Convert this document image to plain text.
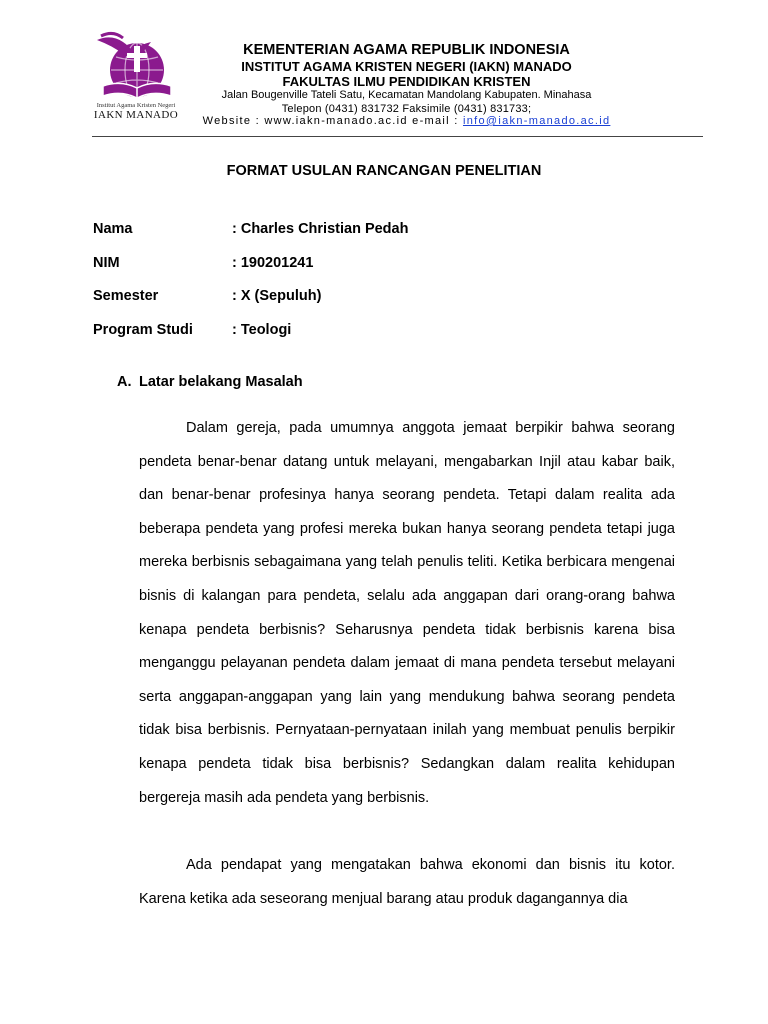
Institut Agama Kristen Negeri
IAKN MANADO
KEMENTERIAN AGAMA REPUBLIK INDONESIA
INSTITUT AGAMA KRISTEN NEGERI (IAKN) MANADO
FAKULTAS ILMU PENDIDIKAN KRISTEN
Jalan Bougenville Tateli Satu, Kecamatan Mandolang Kabupaten. Minahasa
Telepon (0431) 831732 Faksimile (0431) 831733;
Website : www.iakn-manado.ac.id e-mail : info@iakn-manado.ac.id
FORMAT USULAN RANCANGAN PENELITIAN
Nama	: Charles Christian Pedah
NIM	: 190201241
Semester	: X (Sepuluh)
Program Studi	: Teologi
A. Latar belakang Masalah

Dalam gereja, pada umumnya anggota jemaat berpikir bahwa seorang pendeta benar-benar datang untuk melayani, mengabarkan Injil atau kabar baik, dan benar-benar profesinya hanya seorang pendeta. Tetapi dalam realita ada beberapa pendeta yang profesi mereka bukan hanya seorang pendeta tetapi juga mereka berbisnis sebagaimana yang telah penulis teliti. Ketika berbicara mengenai bisnis di kalangan para pendeta, selalu ada anggapan dari orang-orang bahwa kenapa pendeta berbisnis? Seharusnya pendeta tidak berbisnis karena bisa menganggu pelayanan pendeta dalam jemaat di mana pendeta tersebut melayani serta anggapan-anggapan yang lain yang mendukung bahwa seorang pendeta tidak bisa berbisnis. Pernyataan-pernyataan inilah yang membuat penulis berpikir kenapa pendeta tidak bisa berbisnis? Sedangkan dalam realita kehidupan bergereja masih ada pendeta yang berbisnis.

Ada pendapat yang mengatakan bahwa ekonomi dan bisnis itu kotor. Karena ketika ada seseorang menjual barang atau produk dagangannya dia
